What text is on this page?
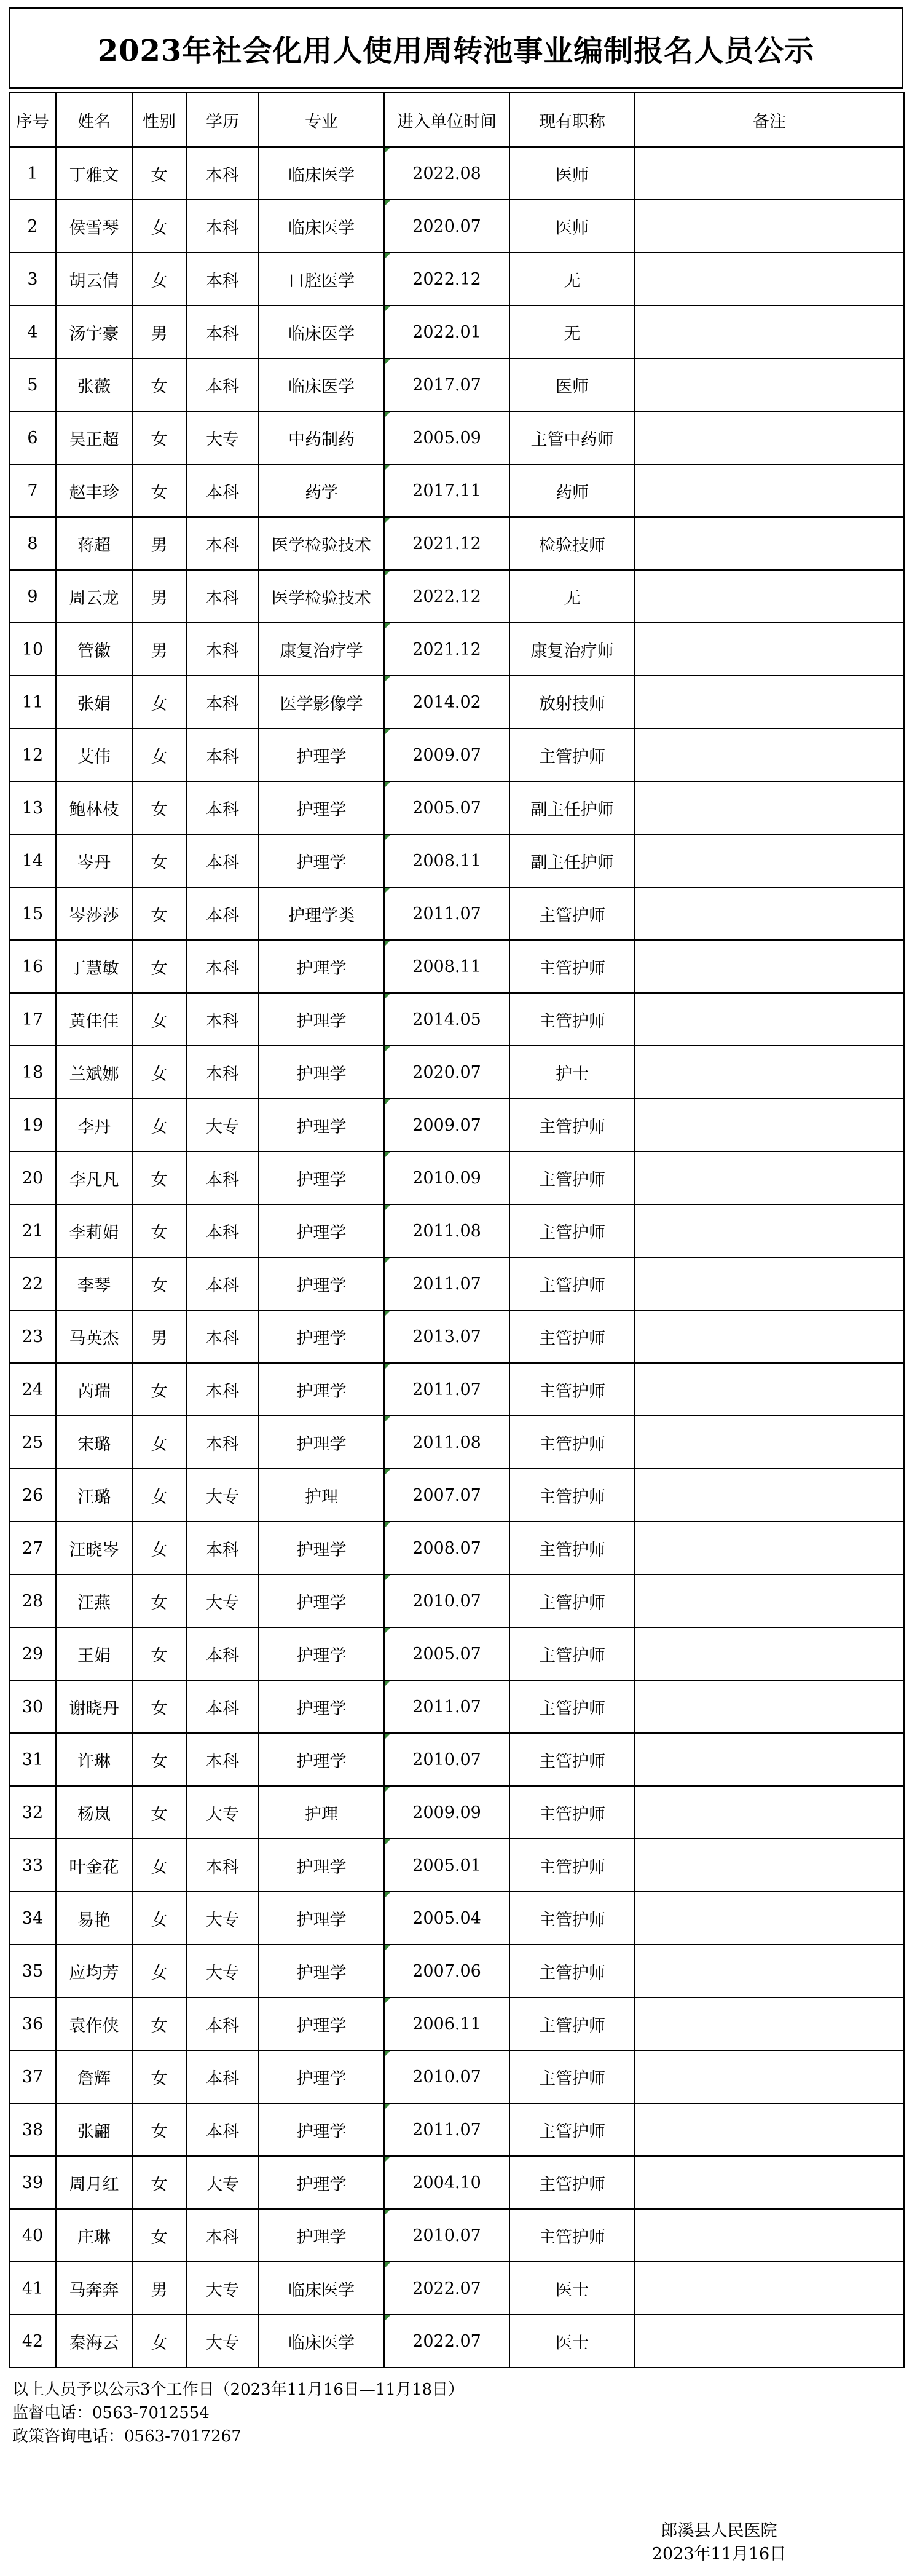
2023年社会化用人使用周转池事业编制报名人员公示
序号	姓名	性别	学历	专业	进入单位时间	现有职称	备注
1	丁雅文	女	本科	临床医学	2022.08	医师	
2	侯雪琴	女	本科	临床医学	2020.07	医师	
3	胡云倩	女	本科	口腔医学	2022.12	无	
4	汤宇豪	男	本科	临床医学	2022.01	无	
5	张薇	女	本科	临床医学	2017.07	医师	
6	吴正超	女	大专	中药制药	2005.09	主管中药师	
7	赵丰珍	女	本科	药学	2017.11	药师	
8	蒋超	男	本科	医学检验技术	2021.12	检验技师	
9	周云龙	男	本科	医学检验技术	2022.12	无	
10	管徽	男	本科	康复治疗学	2021.12	康复治疗师	
11	张娟	女	本科	医学影像学	2014.02	放射技师	
12	艾伟	女	本科	护理学	2009.07	主管护师	
13	鲍林枝	女	本科	护理学	2005.07	副主任护师	
14	岑丹	女	本科	护理学	2008.11	副主任护师	
15	岑莎莎	女	本科	护理学类	2011.07	主管护师	
16	丁慧敏	女	本科	护理学	2008.11	主管护师	
17	黄佳佳	女	本科	护理学	2014.05	主管护师	
18	兰斌娜	女	本科	护理学	2020.07	护士	
19	李丹	女	大专	护理学	2009.07	主管护师	
20	李凡凡	女	本科	护理学	2010.09	主管护师	
21	李莉娟	女	本科	护理学	2011.08	主管护师	
22	李琴	女	本科	护理学	2011.07	主管护师	
23	马英杰	男	本科	护理学	2013.07	主管护师	
24	芮瑞	女	本科	护理学	2011.07	主管护师	
25	宋璐	女	本科	护理学	2011.08	主管护师	
26	汪璐	女	大专	护理	2007.07	主管护师	
27	汪晓岑	女	本科	护理学	2008.07	主管护师	
28	汪燕	女	大专	护理学	2010.07	主管护师	
29	王娟	女	本科	护理学	2005.07	主管护师	
30	谢晓丹	女	本科	护理学	2011.07	主管护师	
31	许琳	女	本科	护理学	2010.07	主管护师	
32	杨岚	女	大专	护理	2009.09	主管护师	
33	叶金花	女	本科	护理学	2005.01	主管护师	
34	易艳	女	大专	护理学	2005.04	主管护师	
35	应均芳	女	大专	护理学	2007.06	主管护师	
36	袁作侠	女	本科	护理学	2006.11	主管护师	
37	詹辉	女	本科	护理学	2010.07	主管护师	
38	张翩	女	本科	护理学	2011.07	主管护师	
39	周月红	女	大专	护理学	2004.10	主管护师	
40	庄琳	女	本科	护理学	2010.07	主管护师	
41	马奔奔	男	大专	临床医学	2022.07	医士	
42	秦海云	女	大专	临床医学	2022.07	医士	
以上人员予以公示3个工作日（2023年11月16日—11月18日）
监督电话：0563-7012554
政策咨询电话：0563-7017267
郎溪县人民医院
2023年11月16日
